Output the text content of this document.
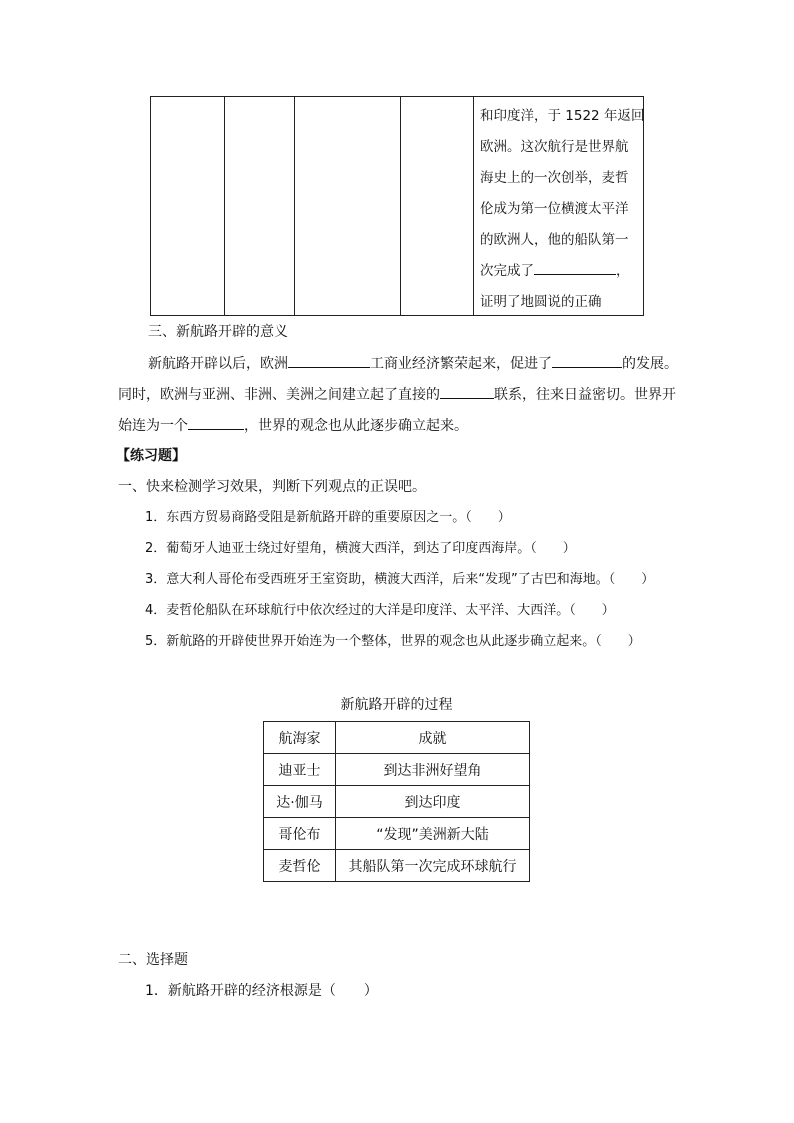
和印度洋，于 1522 年返回
欧洲。这次航行是世界航
海史上的一次创举，麦哲
伦成为第一位横渡太平洋
的欧洲人，他的船队第一
次完成了	，
证明了地圆说的正确
三、新航路开辟的意义
新航路开辟以后，欧洲	工商业经济繁荣起来，促进了	的发展。
同时，欧洲与亚洲、非洲、美洲之间建立起了直接的	联系，往来日益密切。世界开
始连为一个	，世界的观念也从此逐步确立起来。
【练习题】
一、快来检测学习效果，判断下列观点的正误吧。
1．东西方贸易商路受阻是新航路开辟的重要原因之一。（　　）
2．葡萄牙人迪亚士绕过好望角，横渡大西洋，到达了印度西海岸。（　　）
3．意大利人哥伦布受西班牙王室资助，横渡大西洋，后来“发现”了古巴和海地。（　　）
4．麦哲伦船队在环球航行中依次经过的大洋是印度洋、太平洋、大西洋。（　　）
5．新航路的开辟使世界开始连为一个整体，世界的观念也从此逐步确立起来。（　　）
新航路开辟的过程
航海家	成就
迪亚士	到达非洲好望角
达·伽马	到达印度
哥伦布	“发现”美洲新大陆
麦哲伦	其船队第一次完成环球航行
二、选择题
1．新航路开辟的经济根源是（　　）
